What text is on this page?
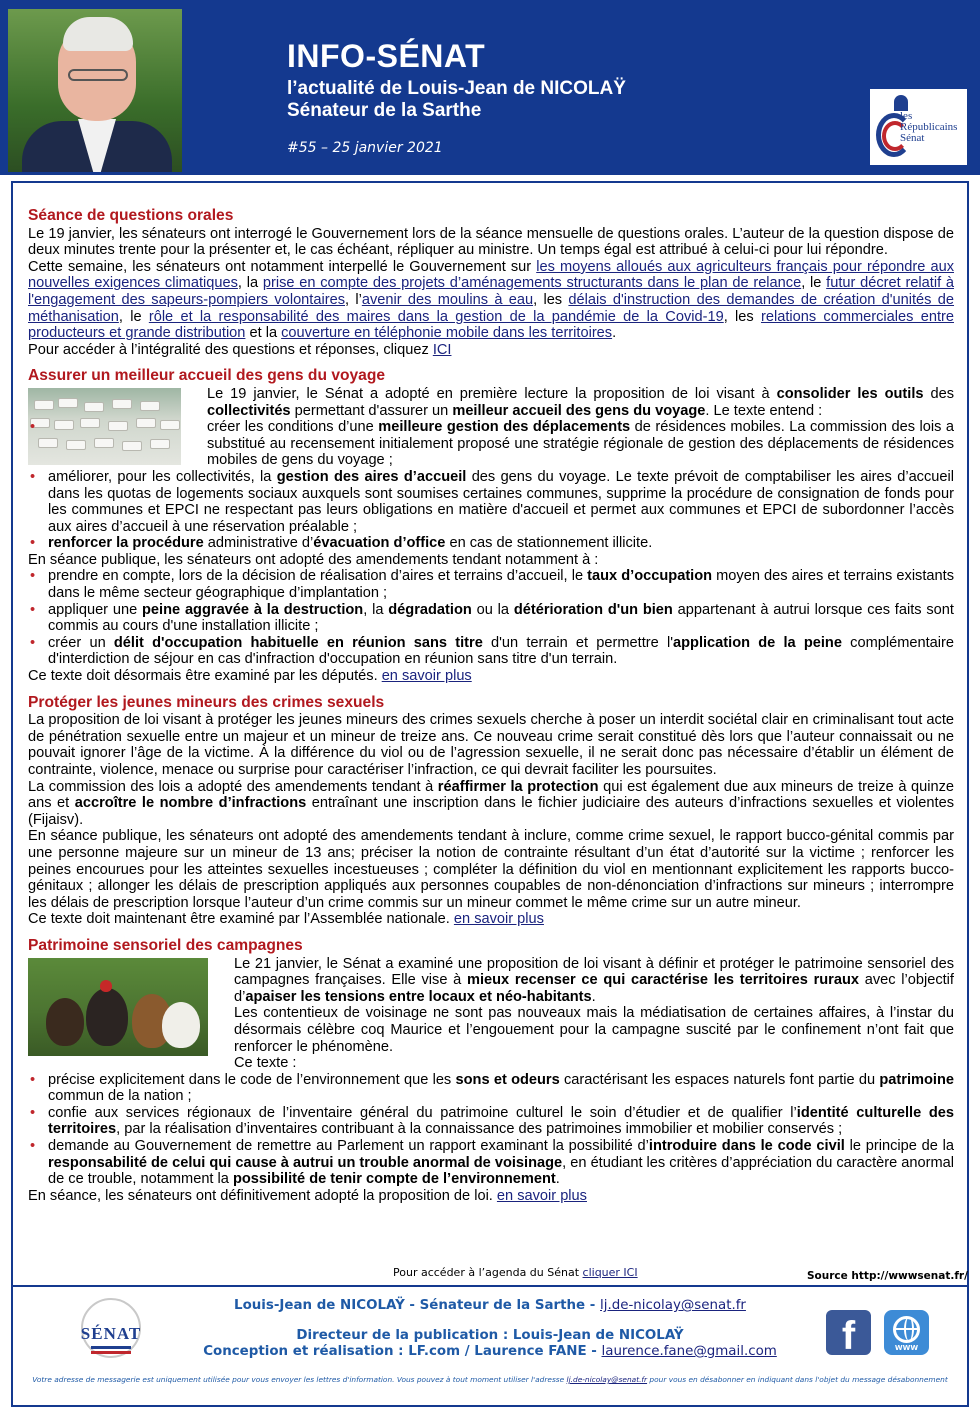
INFO-SÉNAT
l’actualité de Louis-Jean de NICOLAŸ
Sénateur de la Sarthe
#55 – 25 janvier 2021
les
Républicains
Sénat
Séance de questions orales

Le 19 janvier, les sénateurs ont interrogé le Gouvernement lors de la séance mensuelle de questions orales. L’auteur de la question dispose de deux minutes trente pour la présenter et, le cas échéant, répliquer au ministre. Un temps égal est attribué à celui-ci pour lui répondre.

Cette semaine, les sénateurs ont notamment interpellé le Gouvernement sur les moyens alloués aux agriculteurs français pour répondre aux nouvelles exigences climatiques, la prise en compte des projets d’aménagements structurants dans le plan de relance, le futur décret relatif à l'engagement des sapeurs-pompiers volontaires, l’avenir des moulins à eau, les délais d'instruction des demandes de création d'unités de méthanisation, le rôle et la responsabilité des maires dans la gestion de la pandémie de la Covid-19, les relations commerciales entre producteurs et grande distribution et la couverture en téléphonie mobile dans les territoires.

Pour accéder à l’intégralité des questions et réponses, cliquez ICI

Assurer un meilleur accueil des gens du voyage

Le 19 janvier, le Sénat a adopté en première lecture la proposition de loi visant à consolider les outils des collectivités permettant d'assurer un meilleur accueil des gens du voyage. Le texte entend :

• créer les conditions d’une meilleure gestion des déplacements de résidences mobiles. La commission des lois a substitué au recensement initialement proposé une stratégie régionale de gestion des déplacements de résidences mobiles de gens du voyage ;
• améliorer, pour les collectivités, la gestion des aires d’accueil des gens du voyage. Le texte prévoit de comptabiliser les aires d’accueil dans les quotas de logements sociaux auxquels sont soumises certaines communes, supprime la procédure de consignation de fonds pour les communes et EPCI ne respectant pas leurs obligations en matière d'accueil et permet aux communes et EPCI de subordonner l’accès aux aires d’accueil à une réservation préalable ;
• renforcer la procédure administrative d’évacuation d’office en cas de stationnement illicite.

En séance publique, les sénateurs ont adopté des amendements tendant notamment à :

• prendre en compte, lors de la décision de réalisation d’aires et terrains d’accueil, le taux d’occupation moyen des aires et terrains existants dans le même secteur géographique d’implantation ;
• appliquer une peine aggravée à la destruction, la dégradation ou la détérioration d'un bien appartenant à autrui lorsque ces faits sont commis au cours d'une installation illicite ;
• créer un délit d'occupation habituelle en réunion sans titre d'un terrain et permettre l'application de la peine complémentaire d'interdiction de séjour en cas d'infraction d'occupation en réunion sans titre d'un terrain.

Ce texte doit désormais être examiné par les députés. en savoir plus

Protéger les jeunes mineurs des crimes sexuels

La proposition de loi visant à protéger les jeunes mineurs des crimes sexuels cherche à poser un interdit sociétal clair en criminalisant tout acte de pénétration sexuelle entre un majeur et un mineur de treize ans. Ce nouveau crime serait constitué dès lors que l’auteur connaissait ou ne pouvait ignorer l’âge de la victime. À la différence du viol ou de l’agression sexuelle, il ne serait donc pas nécessaire d’établir un élément de contrainte, violence, menace ou surprise pour caractériser l’infraction, ce qui devrait faciliter les poursuites.

La commission des lois a adopté des amendements tendant à réaffirmer la protection qui est également due aux mineurs de treize à quinze ans et accroître le nombre d’infractions entraînant une inscription dans le fichier judiciaire des auteurs d’infractions sexuelles et violentes (Fijaisv).

En séance publique, les sénateurs ont adopté des amendements tendant à inclure, comme crime sexuel, le rapport bucco-génital commis par une personne majeure sur un mineur de 13 ans; préciser la notion de contrainte résultant d’un état d’autorité sur la victime ; renforcer les peines encourues pour les atteintes sexuelles incestueuses ; compléter la définition du viol en mentionnant explicitement les rapports bucco-génitaux ; allonger les délais de prescription appliqués aux personnes coupables de non-dénonciation d’infractions sur mineurs ; interrompre les délais de prescription lorsque l’auteur d’un crime commis sur un mineur commet le même crime sur un autre mineur.

Ce texte doit maintenant être examiné par l’Assemblée nationale. en savoir plus

Patrimoine sensoriel des campagnes

Le 21 janvier, le Sénat a examiné une proposition de loi visant à définir et protéger le patrimoine sensoriel des campagnes françaises. Elle vise à mieux recenser ce qui caractérise les territoires ruraux avec l’objectif d’apaiser les tensions entre locaux et néo-habitants.

Les contentieux de voisinage ne sont pas nouveaux mais la médiatisation de certaines affaires, à l’instar du désormais célèbre coq Maurice et l’engouement pour la campagne suscité par le confinement n’ont fait que renforcer le phénomène.

Ce texte :

• précise explicitement dans le code de l’environnement que les sons et odeurs caractérisant les espaces naturels font partie du patrimoine commun de la nation ;
• confie aux services régionaux de l’inventaire général du patrimoine culturel le soin d’étudier et de qualifier l’identité culturelle des territoires, par la réalisation d’inventaires contribuant à la connaissance des patrimoines immobilier et mobilier conservés ;
• demande au Gouvernement de remettre au Parlement un rapport examinant la possibilité d’introduire dans le code civil le principe de la responsabilité de celui qui cause à autrui un trouble anormal de voisinage, en étudiant les critères d’appréciation du caractère anormal de ce trouble, notamment la possibilité de tenir compte de l’environnement.

En séance, les sénateurs ont définitivement adopté la proposition de loi. en savoir plus

Pour accéder à l’agenda du Sénat cliquer ICI	Source http://wwwsenat.fr/
SÉNAT
Louis-Jean de NICOLAŸ - Sénateur de la Sarthe - lj.de-nicolay@senat.fr
Directeur de la publication : Louis-Jean de NICOLAŸ
Conception et réalisation : LF.com / Laurence FANE - laurence.fane@gmail.com	f	WWW
Votre adresse de messagerie est uniquement utilisée pour vous envoyer les lettres d'information. Vous pouvez à tout moment utiliser l'adresse lj.de-nicolay@senat.fr pour vous en désabonner en indiquant dans l'objet du message désabonnement
